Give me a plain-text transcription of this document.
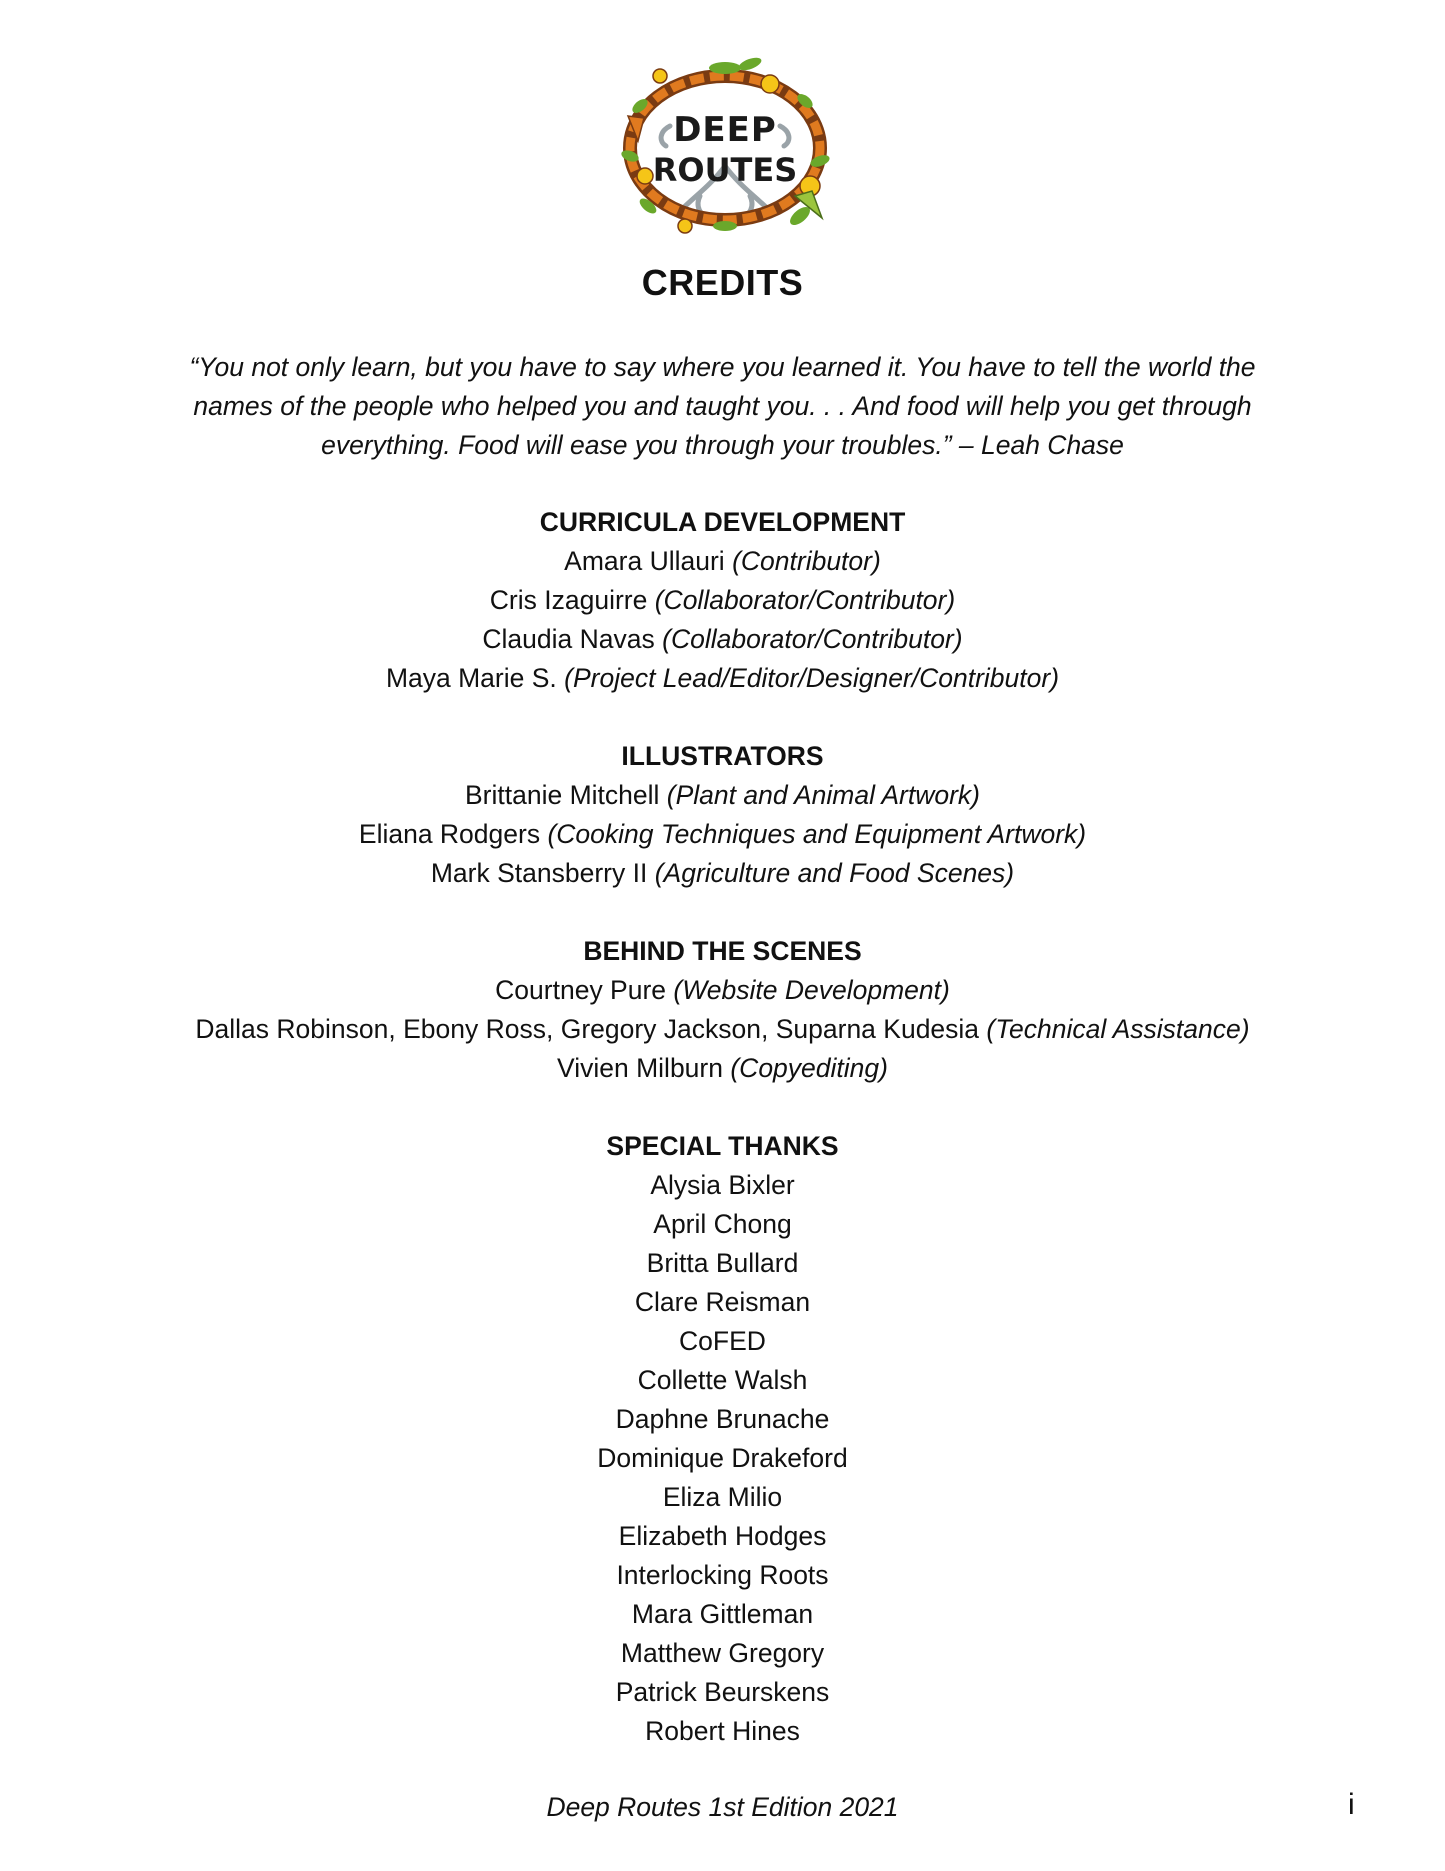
DEEP
ROUTES
CREDITS
“You not only learn, but you have to say where you learned it. You have to tell the world the names of the people who helped you and taught you. . . And food will help you get through everything. Food will ease you through your troubles.” – Leah Chase
CURRICULA DEVELOPMENT
Amara Ullauri (Contributor)
Cris Izaguirre (Collaborator/Contributor)
Claudia Navas (Collaborator/Contributor)
Maya Marie S. (Project Lead/Editor/Designer/Contributor)
ILLUSTRATORS
Brittanie Mitchell (Plant and Animal Artwork)
Eliana Rodgers (Cooking Techniques and Equipment Artwork)
Mark Stansberry II (Agriculture and Food Scenes)
BEHIND THE SCENES
Courtney Pure (Website Development)
Dallas Robinson, Ebony Ross, Gregory Jackson, Suparna Kudesia (Technical Assistance)
Vivien Milburn (Copyediting)
SPECIAL THANKS
Alysia Bixler
April Chong
Britta Bullard
Clare Reisman
CoFED
Collette Walsh
Daphne Brunache
Dominique Drakeford
Eliza Milio
Elizabeth Hodges
Interlocking Roots
Mara Gittleman
Matthew Gregory
Patrick Beurskens
Robert Hines
Deep Routes 1st Edition 2021	i
